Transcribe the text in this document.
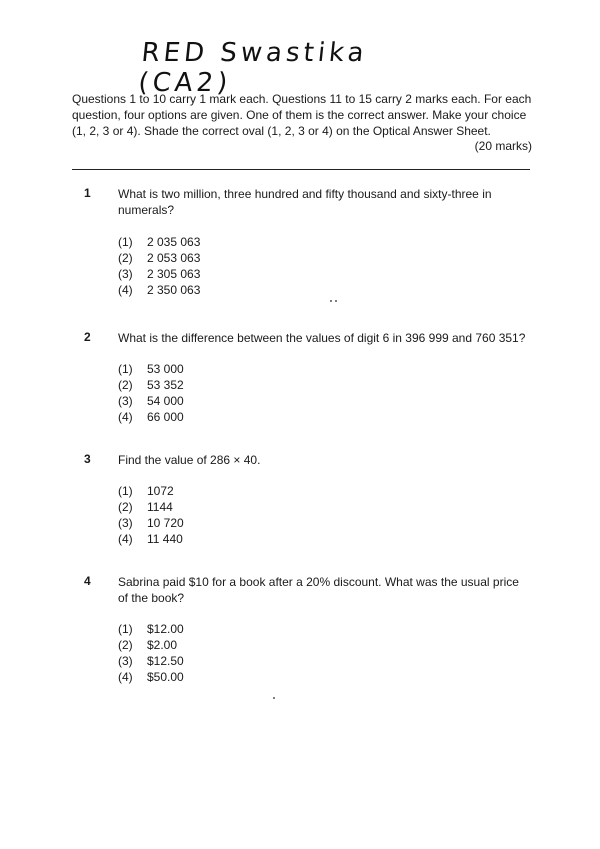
RED Swastika (CA2)
Questions 1 to 10 carry 1 mark each. Questions 11 to 15 carry 2 marks each. For each question, four options are given. One of them is the correct answer. Make your choice (1, 2, 3 or 4). Shade the correct oval (1, 2, 3 or 4) on the Optical Answer Sheet.
(20 marks)
1 What is two million, three hundred and fifty thousand and sixty-three in numerals?
(1) 2 035 063
(2) 2 053 063
(3) 2 305 063
(4) 2 350 063
2 What is the difference between the values of digit 6 in 396 999 and 760 351?
(1) 53 000
(2) 53 352
(3) 54 000
(4) 66 000
3 Find the value of 286 × 40.
(1) 1072
(2) 1144
(3) 10 720
(4) 11 440
4 Sabrina paid $10 for a book after a 20% discount. What was the usual price of the book?
(1) $12.00
(2) $2.00
(3) $12.50
(4) $50.00
